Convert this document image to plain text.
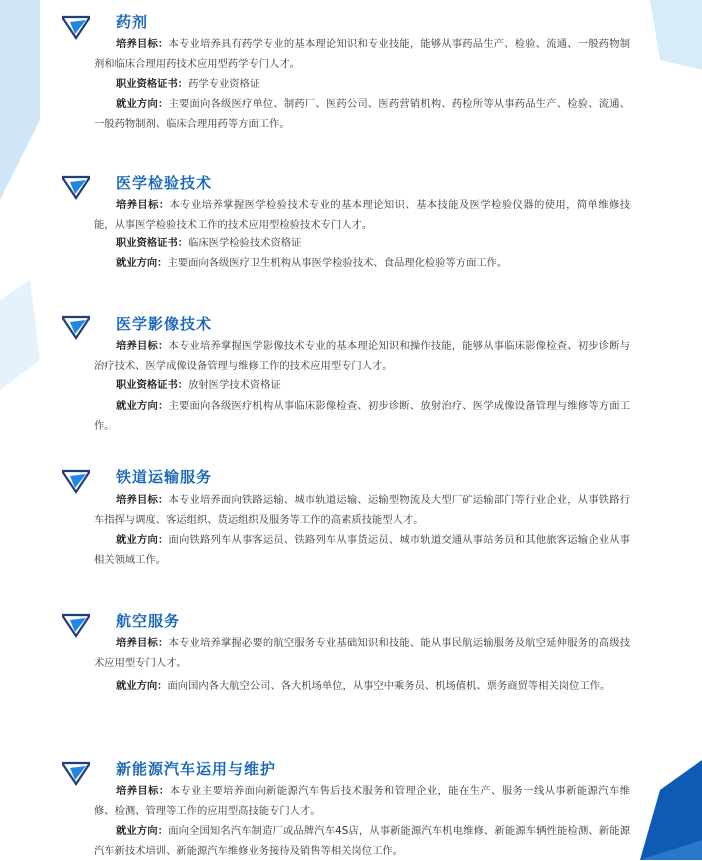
药剂

培养目标：本专业培养具有药学专业的基本理论知识和专业技能，能够从事药品生产、检验、流通、一般药物制剂和临床合理用药技术应用型药学专门人才。

职业资格证书：药学专业资格证

就业方向：主要面向各级医疗单位、制药厂、医药公司、医药营销机构、药检所等从事药品生产、检验、流通、一般药物制剂、临床合理用药等方面工作。

医学检验技术

培养目标：本专业培养掌握医学检验技术专业的基本理论知识、基本技能及医学检验仪器的使用，简单维修技能，从事医学检验技术工作的技术应用型检验技术专门人才。

职业资格证书：临床医学检验技术资格证

就业方向：主要面向各级医疗卫生机构从事医学检验技术、食品理化检验等方面工作。

医学影像技术

培养目标：本专业培养掌握医学影像技术专业的基本理论知识和操作技能，能够从事临床影像检查、初步诊断与治疗技术、医学成像设备管理与维修工作的技术应用型专门人才。

职业资格证书：放射医学技术资格证

就业方向：主要面向各级医疗机构从事临床影像检查、初步诊断、放射治疗、医学成像设备管理与维修等方面工作。

铁道运输服务

培养目标：本专业培养面向铁路运输、城市轨道运输、运输型物流及大型厂矿运输部门等行业企业，从事铁路行车指挥与调度、客运组织、货运组织及服务等工作的高素质技能型人才。

就业方向：面向铁路列车从事客运员、铁路列车从事货运员、城市轨道交通从事站务员和其他旅客运输企业从事相关领域工作。

航空服务

培养目标：本专业培养掌握必要的航空服务专业基础知识和技能、能从事民航运输服务及航空延伸服务的高级技术应用型专门人才。

就业方向：面向国内各大航空公司、各大机场单位，从事空中乘务员、机场值机、票务商贸等相关岗位工作。

新能源汽车运用与维护

培养目标：本专业主要培养面向新能源汽车售后技术服务和管理企业，能在生产、服务一线从事新能源汽车维修、检测、管理等工作的应用型高技能专门人才。

就业方向：面向全国知名汽车制造厂或品牌汽车4S店，从事新能源汽车机电维修、新能源车辆性能检测、新能源汽车新技术培训、新能源汽车维修业务接待及销售等相关岗位工作。
